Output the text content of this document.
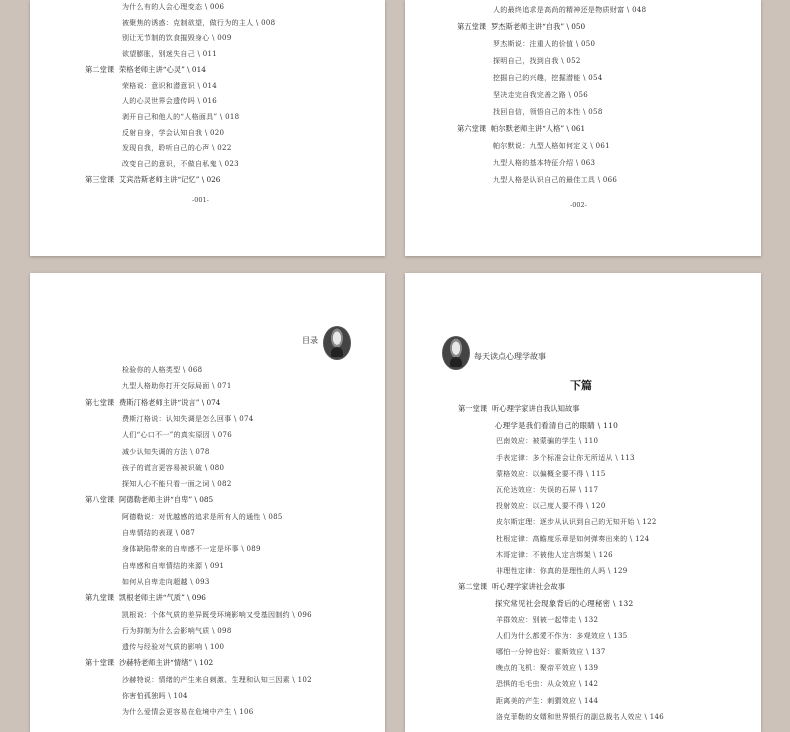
为什么有的人会心理变态 \ 006
被聚焦的诱惑：克制欲望，做行为的主人 \ 008
别让无节制的饮食摧毁身心 \ 009
欲望膨胀，别迷失自己 \ 011
第二堂课 荣格老师主讲“心灵” \ 014
荣格说：意识和潜意识 \ 014
人的心灵世界会遗传吗 \ 016
剥开自己和他人的“人格面具” \ 018
反射自身，学会认知自我 \ 020
发现自我，聆听自己的心声 \ 022
改变自己的意识，不做自私鬼 \ 023
第三堂课 艾宾浩斯老师主讲“记忆” \ 026
-001-
人的最终追求是高尚的精神还是物质财富 \ 048
第五堂课 罗杰斯老师主讲“自我” \ 050
罗杰斯说：注重人的价值 \ 050
探明自己，找到自我 \ 052
挖掘自己的兴趣，挖掘潜能 \ 054
坚决走完自我完善之路 \ 056
找回自信，领悟自己的本性 \ 058
第六堂课 帕尔默老师主讲“人格” \ 061
帕尔默说：九型人格如何定义 \ 061
九型人格的基本特征介绍 \ 063
九型人格是认识自己的最佳工具 \ 066
-002-
目录
检验你的人格类型 \ 068
九型人格助你打开交际局面 \ 071
第七堂课 费斯汀格老师主讲“说言” \ 074
费斯汀格说：认知失调是怎么回事 \ 074
人们“心口不一”的真实原因 \ 076
减少认知失调的方法 \ 078
孩子的谎言更容易被识破 \ 080
探知人心不能只看一面之词 \ 082
第八堂课 阿德勒老师主讲“自卑” \ 085
阿德勒说：对优越感的追求是所有人的通性 \ 085
自卑情结的表现 \ 087
身体缺陷带来的自卑感不一定是坏事 \ 089
自卑感和自卑情结的来源 \ 091
如何从自卑走向超越 \ 093
第九堂课 凯根老师主讲“气质” \ 096
凯根说：个体气质的差异既受环境影响又受基因制约 \ 096
行为抑制为什么会影响气质 \ 098
遗传与经验对气质的影响 \ 100
第十堂课 沙赫特老师主讲“情绪” \ 102
沙赫特说：情绪的产生来自刺激、生理和认知三因素 \ 102
你害怕孤独吗 \ 104
为什么爱情会更容易在危境中产生 \ 106
每天读点心理学故事
下篇
第一堂课 听心理学家讲自我认知故事
心理学是我们看清自己的眼睛 \ 110
巴南效应：被蒙骗的学生 \ 110
手表定律：多个标准会让你无所适从 \ 113
蒙格效应：以偏概全要不得 \ 115
瓦伦达效应：失误的石屏 \ 117
投射效应：以己度人要不得 \ 120
皮尔斯定理：逐步从认识到自己的无知开始 \ 122
杜根定律：高瞻度乐章是如何弹奏出来的 \ 124
木哥定律：不被他人定言绑架 \ 126
非理性定律：你真的是理性的人吗 \ 129
第二堂课 听心理学家讲社会故事
探究常见社会现象背后的心理秘密 \ 132
羊群效应：别被一起带走 \ 132
人们为什么都愛不作为：多观效应 \ 135
哪怕一分钟也好：霍斯效应 \ 137
晚点的飞机：聚帝平效应 \ 139
恐惧的毛毛虫：从众效应 \ 142
距离美的产生：刺猬效应 \ 144
洛克菲勒的女婿和世界银行的副总裁名人效应 \ 146
